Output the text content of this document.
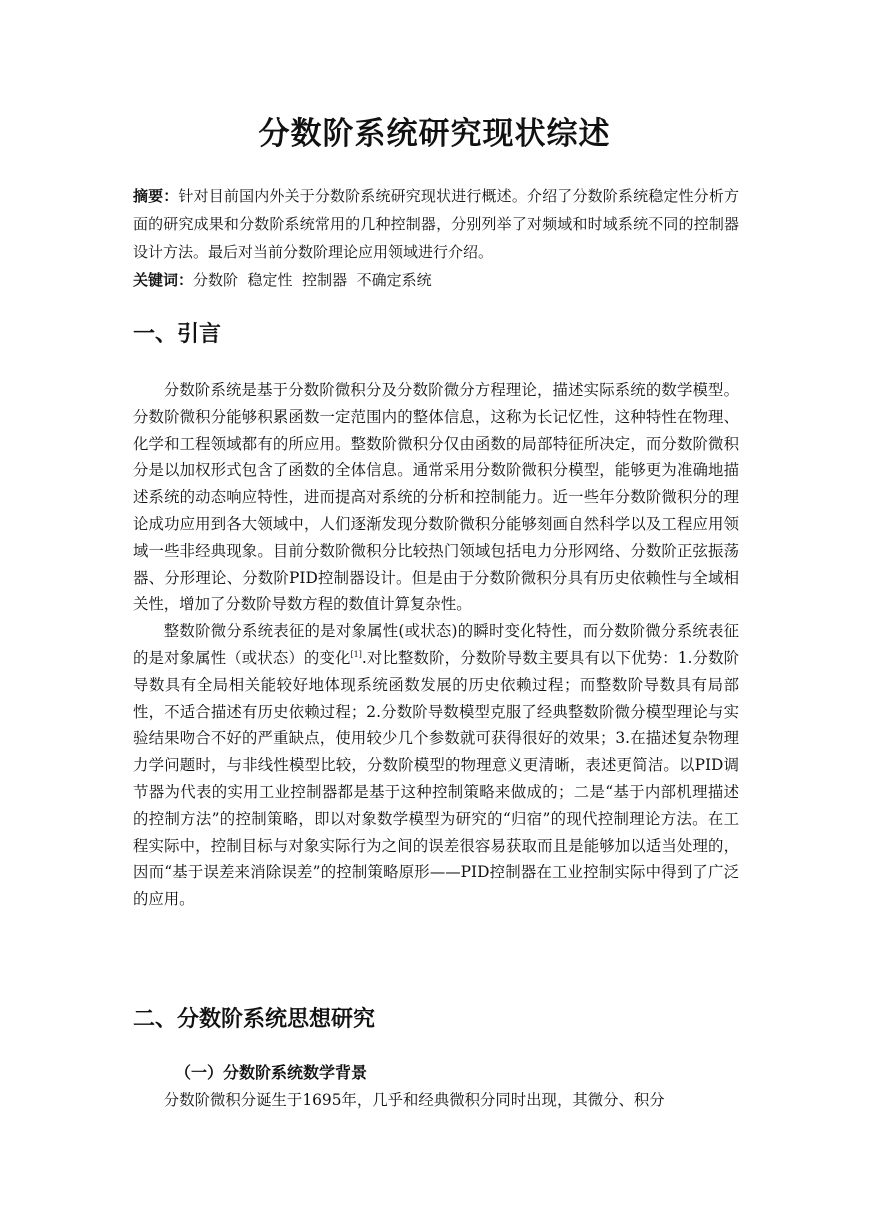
分数阶系统研究现状综述

摘要：针对目前国内外关于分数阶系统研究现状进行概述。介绍了分数阶系统稳定性分析方面的研究成果和分数阶系统常用的几种控制器，分别列举了对频域和时域系统不同的控制器设计方法。最后对当前分数阶理论应用领域进行介绍。

关键词：分数阶  稳定性  控制器  不确定系统

一、引言

分数阶系统是基于分数阶微积分及分数阶微分方程理论，描述实际系统的数学模型。分数阶微积分能够积累函数一定范围内的整体信息，这称为长记忆性，这种特性在物理、化学和工程领域都有的所应用。整数阶微积分仅由函数的局部特征所决定，而分数阶微积分是以加权形式包含了函数的全体信息。通常采用分数阶微积分模型，能够更为准确地描述系统的动态响应特性，进而提高对系统的分析和控制能力。近一些年分数阶微积分的理论成功应用到各大领域中，人们逐渐发现分数阶微积分能够刻画自然科学以及工程应用领域一些非经典现象。目前分数阶微积分比较热门领域包括电力分形网络、分数阶正弦振荡器、分形理论、分数阶PID控制器设计。但是由于分数阶微积分具有历史依赖性与全域相关性，增加了分数阶导数方程的数值计算复杂性。

整数阶微分系统表征的是对象属性(或状态)的瞬时变化特性，而分数阶微分系统表征的是对象属性（或状态）的变化[1].对比整数阶，分数阶导数主要具有以下优势：1.分数阶导数具有全局相关能较好地体现系统函数发展的历史依赖过程；而整数阶导数具有局部性，不适合描述有历史依赖过程；2.分数阶导数模型克服了经典整数阶微分模型理论与实验结果吻合不好的严重缺点，使用较少几个参数就可获得很好的效果；3.在描述复杂物理力学问题时，与非线性模型比较，分数阶模型的物理意义更清晰，表述更简洁。以PID调节器为代表的实用工业控制器都是基于这种控制策略来做成的；二是“基于内部机理描述的控制方法”的控制策略，即以对象数学模型为研究的“归宿”的现代控制理论方法。在工程实际中，控制目标与对象实际行为之间的误差很容易获取而且是能够加以适当处理的，因而“基于误差来消除误差”的控制策略原形——PID控制器在工业控制实际中得到了广泛的应用。

二、分数阶系统思想研究
（一）分数阶系统数学背景

分数阶微积分诞生于1695年，几乎和经典微积分同时出现，其微分、积分
